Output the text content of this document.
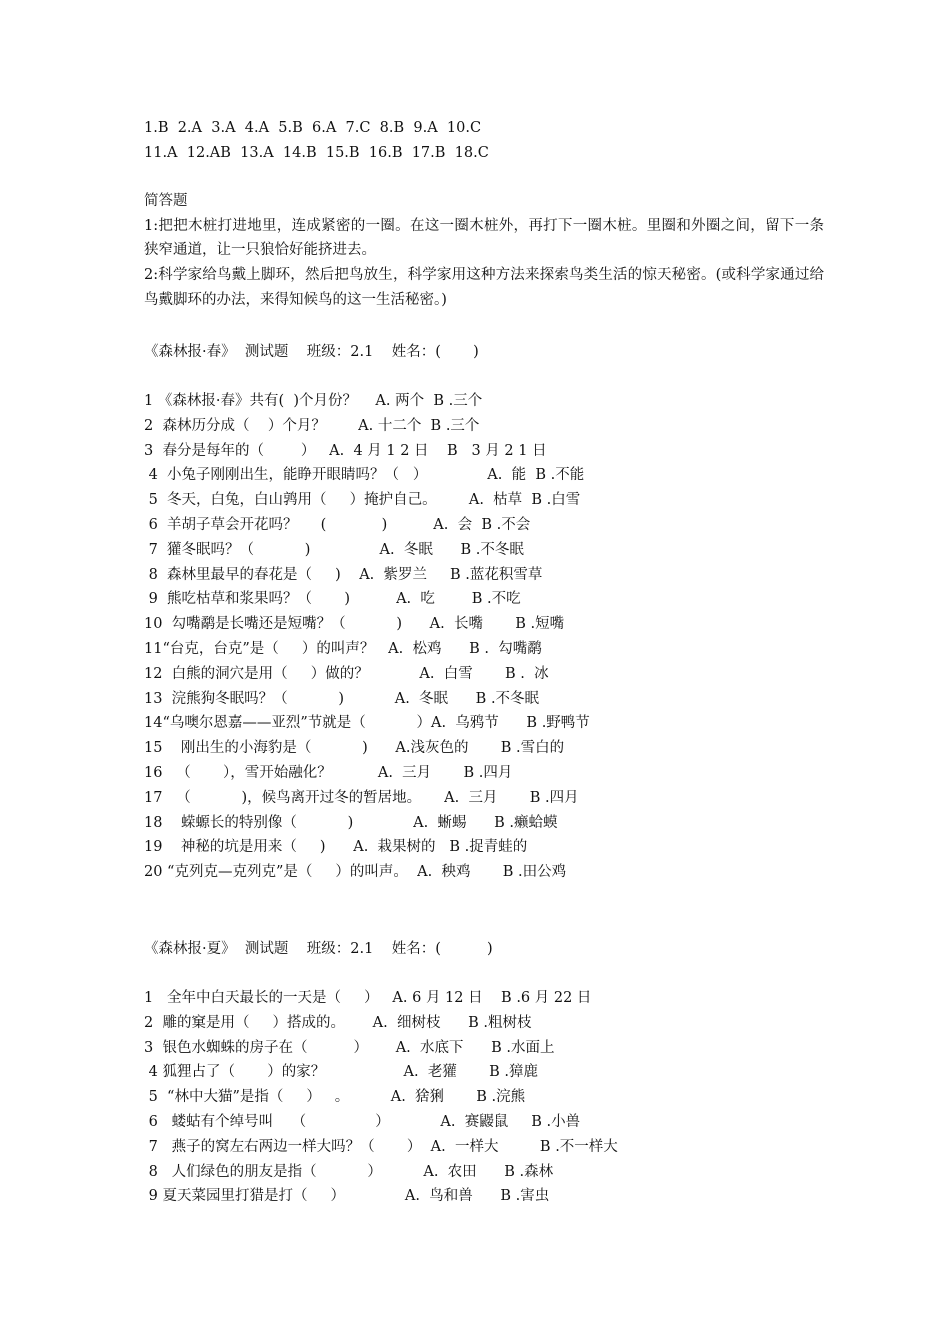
1.B  2.A  3.A  4.A  5.B  6.A  7.C  8.B  9.A  10.C
11.A  12.AB  13.A  14.B  15.B  16.B  17.B  18.C
简答题
1:把把木桩打进地里，连成紧密的一圈。在这一圈木桩外，再打下一圈木桩。里圈和外圈之间，留下一条狭窄通道，让一只狼恰好能挤进去。
2:科学家给鸟戴上脚环，然后把鸟放生，科学家用这种方法来探索鸟类生活的惊天秘密。(或科学家通过给鸟戴脚环的办法，来得知候鸟的这一生活秘密。)
《森林报·春》  测试题    班级：2.1    姓名：(       )
1 《森林报·春》共有(  )个月份？    A. 两个  B .三个
2  森林历分成（    ）个月？       A. 十二个  B .三个
3  春分是每年的（        ）   A.  4 月 1 2 日    B   3 月 2 1 日
4  小兔子刚刚出生，能睁开眼睛吗？（   ）             A.  能  B .不能
5  冬天，白兔，白山鹑用（     ）掩护自己。       A.  枯草  B .白雪
6  羊胡子草会开花吗？     (            )          A.  会  B .不会
7  獾冬眠吗？（           )               A.  冬眠      B .不冬眠
8  森林里最早的春花是（     )    A.  紫罗兰     B .蓝花积雪草
9  熊吃枯草和浆果吗？（       )          A.  吃        B .不吃
10  勾嘴鹬是长嘴还是短嘴？（           )      A.  长嘴       B .短嘴
11“台克，台克”是（     ）的叫声？   A.  松鸡      B .  勾嘴鹬
12  白熊的洞穴是用（     ）做的？           A.  白雪       B .  冰
13  浣熊狗冬眠吗？（           )           A.  冬眠      B .不冬眠
14“乌噢尔恩嘉——亚烈”节就是（           ）A.  乌鸦节      B .野鸭节
15    刚出生的小海豹是（           )      A.浅灰色的       B .雪白的
16   （       ），雪开始融化？          A.  三月       B .四月
17   （           )，候鸟离开过冬的暂居地。     A.  三月       B .四月
18    蝾螈长的特别像（           )             A.  蜥蜴      B .癞蛤蟆
19    神秘的坑是用来（     )      A.  栽果树的   B .捉青蛙的
20 “克列克—克列克”是（     ）的叫声。  A.  秧鸡       B .田公鸡
《森林报·夏》  测试题    班级：2.1    姓名：(          )
1   全年中白天最长的一天是（     ）   A. 6 月 12 日    B .6 月 22 日
2  雕的窠是用（     ）搭成的。      A.  细树枝      B .粗树枝
3  银色水蜘蛛的房子在（          ）      A.  水底下      B .水面上
4 狐狸占了（       ）的家？                 A.  老獾       B .獐鹿
5  “林中大猫”是指（     ）   。         A.  猞猁       B .浣熊
6   蝼蛄有个绰号叫    （               ）           A.  赛鼹鼠     B .小兽
7   燕子的窝左右两边一样大吗？（       ）  A.  一样大         B .不一样大
8   人们绿色的朋友是指（           ）         A.  农田      B .森林
9 夏天菜园里打猎是打（     ）             A.  鸟和兽      B .害虫
